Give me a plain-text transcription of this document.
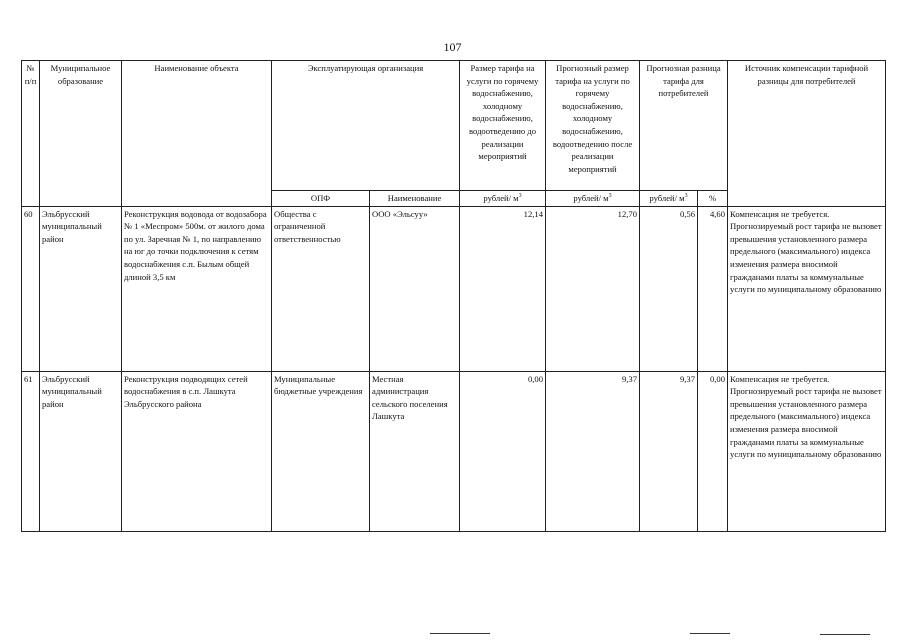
107
№ п/п	Муниципальное образование	Наименование объекта	Эксплуатирующая организация		Размер тарифа на услуги по горячему водоснабжению, холодному водоснабжению, водоотведению до реализации мероприятий	Прогнозный размер тарифа на услуги по горячему водоснабжению, холодному водоснабжению, водоотведению после реализации мероприятий	Прогнозная разница тарифа для потребителей		Источник компенсации тарифной разницы для потребителей
			ОПФ	Наименование	рублей/ $м^3$	рублей/ $м^3$	рублей/ $м^3$	%	
60	Эльбрусский муниципальный район	Реконструкция водовода от водозабора № 1 «Меспром» 500м. от жилого дома по ул. Заречная № 1, по направлению на юг до точки подключения к сетям водоснабжения с.п. Былым общей длиной 3,5 км	Общества с ограниченной ответственностью	ООО «Эльсуу»	12,14	12,70	0,56	4,60	Компенсация не требуется. Прогнозируемый рост тарифа не вызовет превышения установленного размера предельного (максимального) индекса изменения размера вносимой гражданами платы за коммунальные услуги по муниципальному образованию
61	Эльбрусский муниципальный район	Реконструкция подводящих сетей водоснабжения в с.п. Лашкута Эльбрусского района	Муниципальные бюджетные учреждения	Местная администрация сельского поселения Лашкута	0,00	9,37	9,37	0,00	Компенсация не требуется. Прогнозируемый рост тарифа не вызовет превышения установленного размера предельного (максимального) индекса изменения размера вносимой гражданами платы за коммунальные услуги по муниципальному образованию
